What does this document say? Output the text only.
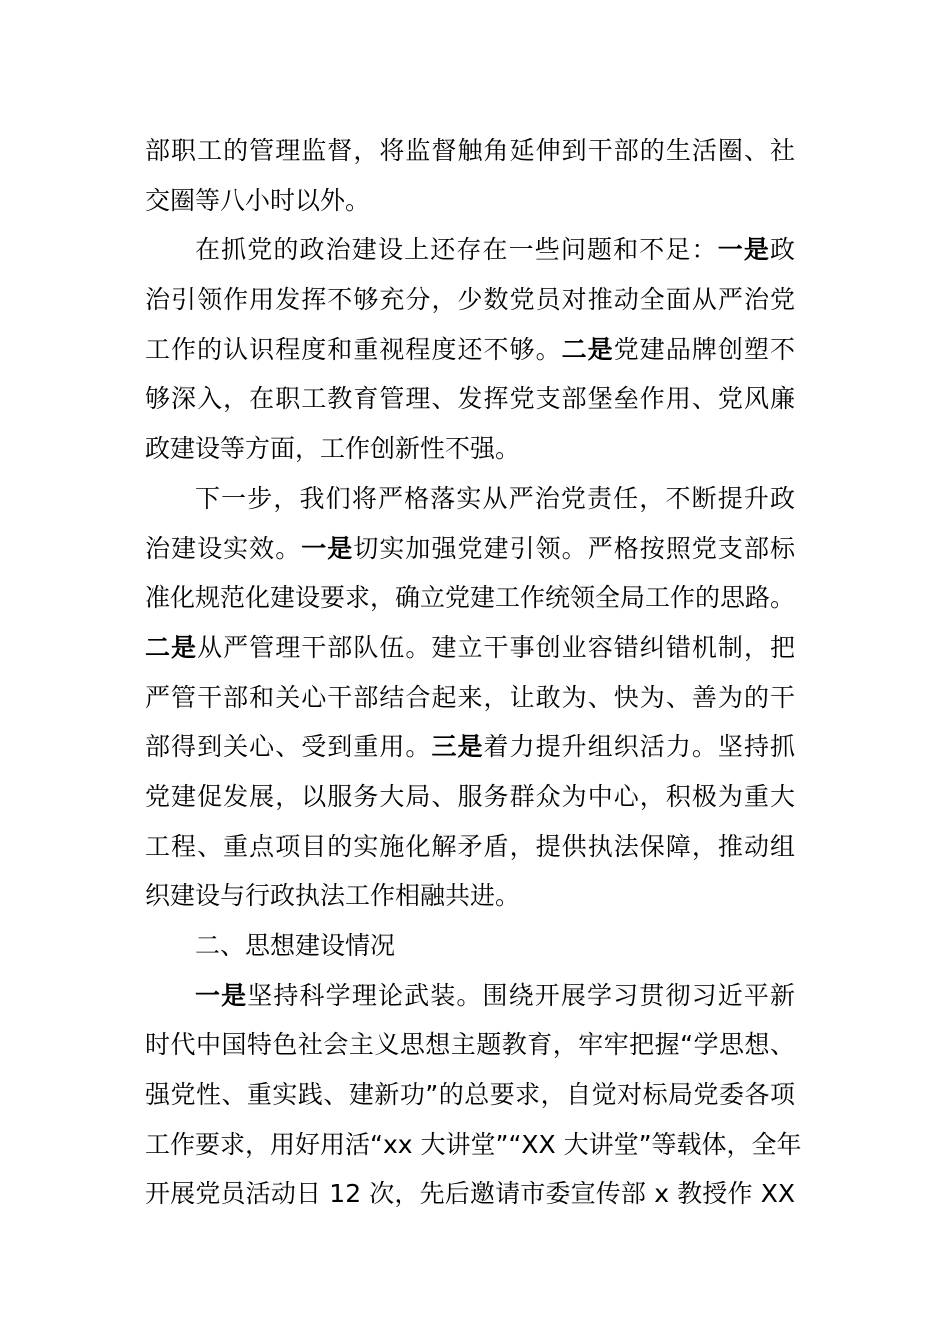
部职工的管理监督，将监督触角延伸到干部的生活圈、社
交圈等八小时以外。
在抓党的政治建设上还存在一些问题和不足：一是政
治引领作用发挥不够充分，少数党员对推动全面从严治党
工作的认识程度和重视程度还不够。二是党建品牌创塑不
够深入，在职工教育管理、发挥党支部堡垒作用、党风廉
政建设等方面，工作创新性不强。
下一步，我们将严格落实从严治党责任，不断提升政
治建设实效。一是切实加强党建引领。严格按照党支部标
准化规范化建设要求，确立党建工作统领全局工作的思路。
二是从严管理干部队伍。建立干事创业容错纠错机制，把
严管干部和关心干部结合起来，让敢为、快为、善为的干
部得到关心、受到重用。三是着力提升组织活力。坚持抓
党建促发展，以服务大局、服务群众为中心，积极为重大
工程、重点项目的实施化解矛盾，提供执法保障，推动组
织建设与行政执法工作相融共进。
二、思想建设情况
一是坚持科学理论武装。围绕开展学习贯彻习近平新
时代中国特色社会主义思想主题教育，牢牢把握“学思想、
强党性、重实践、建新功”的总要求，自觉对标局党委各项
工作要求，用好用活“xx 大讲堂”“XX 大讲堂”等载体，全年
开展党员活动日 12 次，先后邀请市委宣传部 x 教授作 XX
